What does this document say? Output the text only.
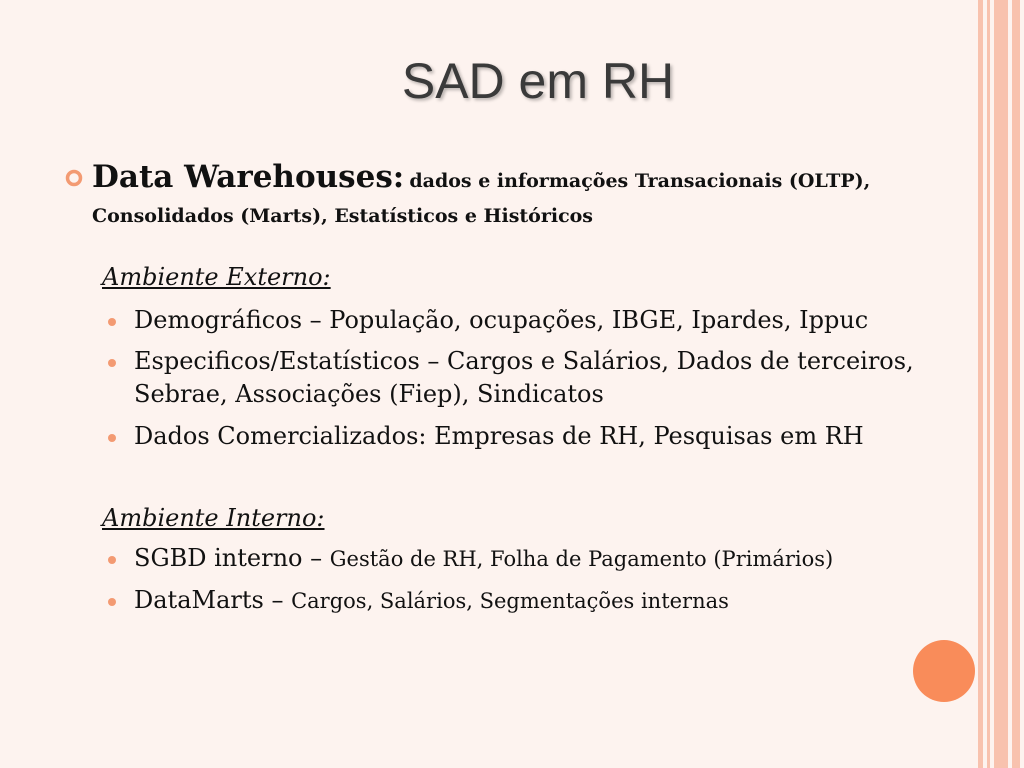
SAD em RH
Data Warehouses: dados e informações Transacionais (OLTP), Consolidados (Marts), Estatísticos e Históricos
Ambiente Externo:
Demográficos – População, ocupações, IBGE, Ipardes, Ippuc
Especificos/Estatísticos – Cargos e Salários, Dados de terceiros, Sebrae, Associações (Fiep), Sindicatos
Dados Comercializados: Empresas de RH, Pesquisas em RH
Ambiente Interno:
SGBD interno – Gestão de RH, Folha de Pagamento (Primários)
DataMarts – Cargos, Salários, Segmentações internas
